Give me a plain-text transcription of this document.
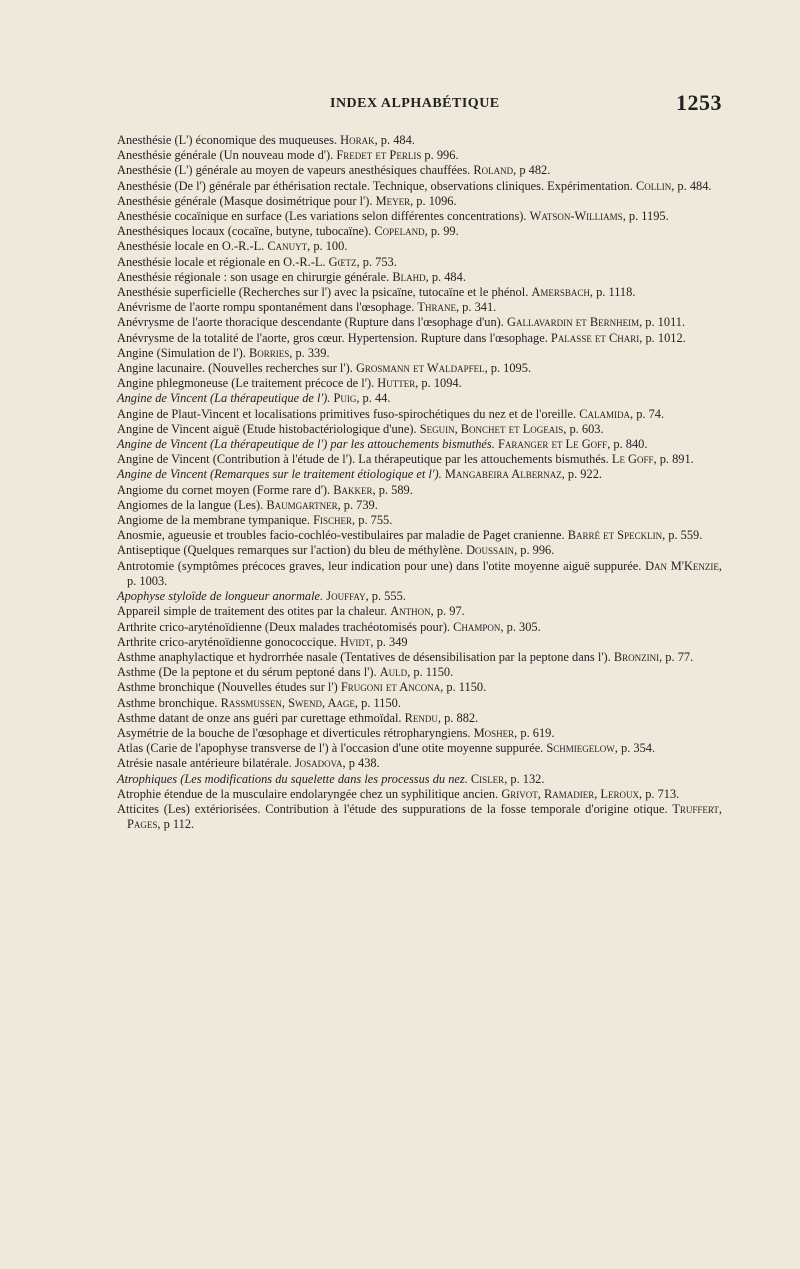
INDEX ALPHABÉTIQUE	1253

Anesthésie (L') économique des muqueuses. Horak, p. 484.

Anesthésie générale (Un nouveau mode d'). Fredet et Perlis p. 996.

Anesthésie (L') générale au moyen de vapeurs anesthésiques chauffées. Roland, p 482.

Anesthésie (De l') générale par éthérisation rectale. Technique, observations cliniques. Expérimentation. Collin, p. 484.

Anesthésie générale (Masque dosimétrique pour l'). Meyer, p. 1096.

Anesthésie cocaïnique en surface (Les variations selon différentes concentrations). Watson-Williams, p. 1195.

Anesthésiques locaux (cocaïne, butyne, tubocaïne). Copeland, p. 99.

Anesthésie locale en O.-R.-L. Canuyt, p. 100.

Anesthésie locale et régionale en O.-R.-L. Gœtz, p. 753.

Anesthésie régionale : son usage en chirurgie générale. Blahd, p. 484.

Anesthésie superficielle (Recherches sur l') avec la psicaïne, tutocaïne et le phénol. Amersbach, p. 1118.

Anévrisme de l'aorte rompu spontanément dans l'œsophage. Thrane, p. 341.

Anévrysme de l'aorte thoracique descendante (Rupture dans l'œsophage d'un). Gallavardin et Bernheim, p. 1011.

Anévrysme de la totalité de l'aorte, gros cœur. Hypertension. Rupture dans l'œsophage. Palasse et Chari, p. 1012.

Angine (Simulation de l'). Borries, p. 339.

Angine lacunaire. (Nouvelles recherches sur l'). Grosmann et Waldapfel, p. 1095.

Angine phlegmoneuse (Le traitement précoce de l'). Hutter, p. 1094.

Angine de Vincent (La thérapeutique de l'). Puig, p. 44.

Angine de Plaut-Vincent et localisations primitives fuso-spirochétiques du nez et de l'oreille. Calamida, p. 74.

Angine de Vincent aiguë (Etude histobactériologique d'une). Seguin, Bonchet et Logeais, p. 603.

Angine de Vincent (La thérapeutique de l') par les attouchements bismuthés. Faranger et Le Goff, p. 840.

Angine de Vincent (Contribution à l'étude de l'). La thérapeutique par les attouchements bismuthés. Le Goff, p. 891.

Angine de Vincent (Remarques sur le traitement étiologique et l'). Mangabeira Albernaz, p. 922.

Angiome du cornet moyen (Forme rare d'). Bakker, p. 589.

Angiomes de la langue (Les). Baumgartner, p. 739.

Angiome de la membrane tympanique. Fischer, p. 755.

Anosmie, agueusie et troubles facio-cochléo-vestibulaires par maladie de Paget cranienne. Barré et Specklin, p. 559.

Antiseptique (Quelques remarques sur l'action) du bleu de méthylène. Doussain, p. 996.

Antrotomie (symptômes précoces graves, leur indication pour une) dans l'otite moyenne aiguë suppurée. Dan M'Kenzie, p. 1003.

Apophyse styloïde de longueur anormale. Jouffay, p. 555.

Appareil simple de traitement des otites par la chaleur. Anthon, p. 97.

Arthrite crico-aryténoïdienne (Deux malades trachéotomisés pour). Champon, p. 305.

Arthrite crico-aryténoïdienne gonococcique. Hvidt, p. 349

Asthme anaphylactique et hydrorrhée nasale (Tentatives de désensibilisation par la peptone dans l'). Bronzini, p. 77.

Asthme (De la peptone et du sérum peptoné dans l'). Auld, p. 1150.

Asthme bronchique (Nouvelles études sur l') Frugoni et Ancona, p. 1150.

Asthme bronchique. Rassmussen, Swend, Aage, p. 1150.

Asthme datant de onze ans guéri par curettage ethmoïdal. Rendu, p. 882.

Asymétrie de la bouche de l'œsophage et diverticules rétropharyngiens. Mosher, p. 619.

Atlas (Carie de l'apophyse transverse de l') à l'occasion d'une otite moyenne suppurée. Schmiegelow, p. 354.

Atrésie nasale antérieure bilatérale. Josadova, p 438.

Atrophiques (Les modifications du squelette dans les processus du nez. Cisler, p. 132.

Atrophie étendue de la musculaire endolaryngée chez un syphilitique ancien. Grivot, Ramadier, Leroux, p. 713.

Atticites (Les) extériorisées. Contribution à l'étude des suppurations de la fosse temporale d'origine otique. Truffert, Pages, p 112.
